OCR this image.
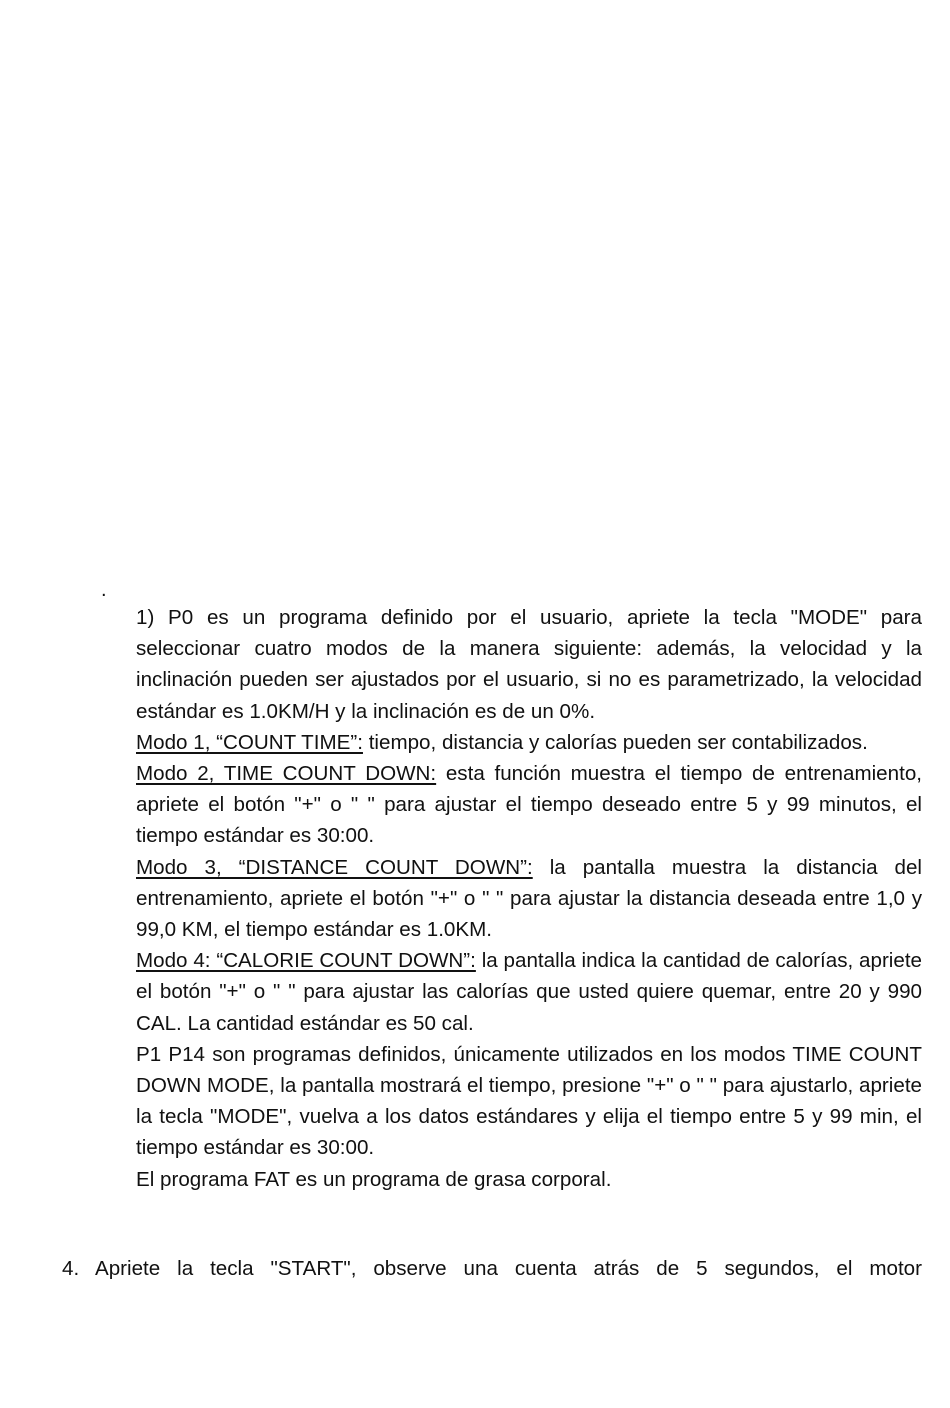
.

1) P0 es un programa definido por el usuario, apriete la tecla "MODE" para seleccionar cuatro modos de la manera siguiente: además, la velocidad y la inclinación pueden ser ajustados por el usuario, si no es parametrizado, la velocidad estándar es 1.0KM/H y la inclinación es de un 0%.

Modo 1, “COUNT TIME”: tiempo, distancia y calorías pueden ser contabilizados.

Modo 2, TIME COUNT DOWN: esta función muestra el tiempo de entrenamiento, apriete el botón "+" o " " para ajustar el tiempo deseado entre 5 y 99 minutos, el tiempo estándar es 30:00.

Modo 3, “DISTANCE COUNT DOWN”: la pantalla muestra la distancia del entrenamiento, apriete el botón "+" o " " para ajustar la distancia deseada entre 1,0 y 99,0 KM, el tiempo estándar es 1.0KM.

Modo 4: “CALORIE COUNT DOWN”: la pantalla indica la cantidad de calorías, apriete el botón "+" o " " para ajustar las calorías que usted quiere quemar, entre 20 y 990 CAL. La cantidad estándar es 50 cal.

P1 P14 son programas definidos, únicamente utilizados en los modos TIME COUNT DOWN MODE, la pantalla mostrará el tiempo, presione "+" o " " para ajustarlo, apriete la tecla "MODE", vuelva a los datos estándares y elija el tiempo entre 5 y 99 min, el tiempo estándar es 30:00.

El programa FAT es un programa de grasa corporal.

4. Apriete la tecla "START", observe una cuenta atrás de 5 segundos, el motor
